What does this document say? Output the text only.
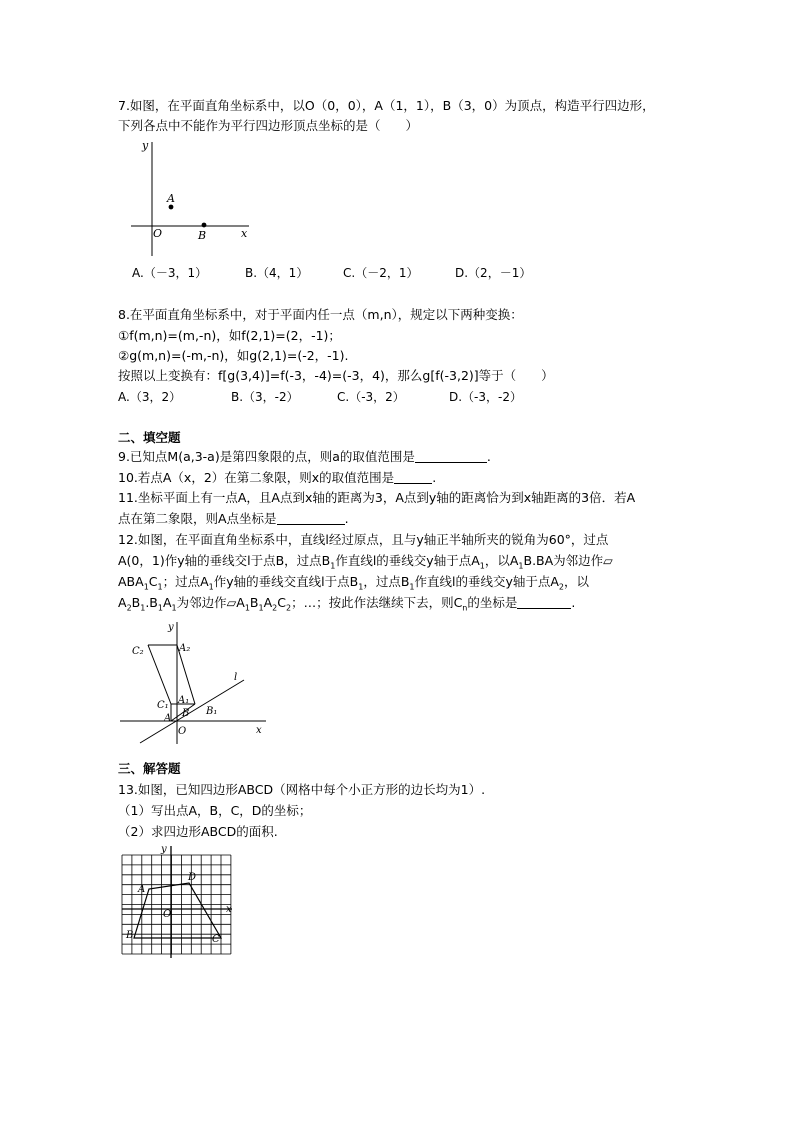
7.如图，在平面直角坐标系中，以O（0，0），A（1，1），B（3，0）为顶点，构造平行四边形，
下列各点中不能作为平行四边形顶点坐标的是（　　）
y
x
O
A
B
A.（－3，1）	B.（4，1）	C.（－2，1）	D.（2，－1）
8.在平面直角坐标系中，对于平面内任一点（m,n），规定以下两种变换：
①f(m,n)=(m,-n)，如f(2,1)=(2，-1)；
②g(m,n)=(-m,-n)，如g(2,1)=(-2，-1).
按照以上变换有：f[g(3,4)]=f(-3，-4)=(-3，4)，那么g[f(-3,2)]等于（　　）
A.（3，2）	B.（3，-2）	C.（-3，2）	D.（-3，-2）
二、填空题
9.已知点M(a,3-a)是第四象限的点，则a的取值范围是	.
10.若点A（x，2）在第二象限，则x的取值范围是	.
11.坐标平面上有一点A，且A点到x轴的距离为3，A点到y轴的距离恰为到x轴距离的3倍．若A
点在第二象限，则A点坐标是	.
12.如图，在平面直角坐标系中，直线l经过原点，且与y轴正半轴所夹的锐角为60°，过点
A(0，1)作y轴的垂线交l于点B，过点$B_1$作直线l的垂线交y轴于点$A_1$，以$A_1B.BA$为邻边作▱
$ABA_1C_1$；过点$A_1$作y轴的垂线交直线l于点$B_1$，过点$B_1$作直线l的垂线交y轴于点$A_2$，以
$A_2B_1.B_1A_1$为邻边作$▱A_1B_1A_2C_2$；…；按此作法继续下去，则$C_n$的坐标是	.
y
x
O
l
A₂
C₂
A₁
C₁
B
A
B₁
三、解答题
13.如图，已知四边形ABCD（网格中每个小正方形的边长均为1）.
（1）写出点A，B，C，D的坐标；
（2）求四边形ABCD的面积.
y
x
O
A
B	C
D
